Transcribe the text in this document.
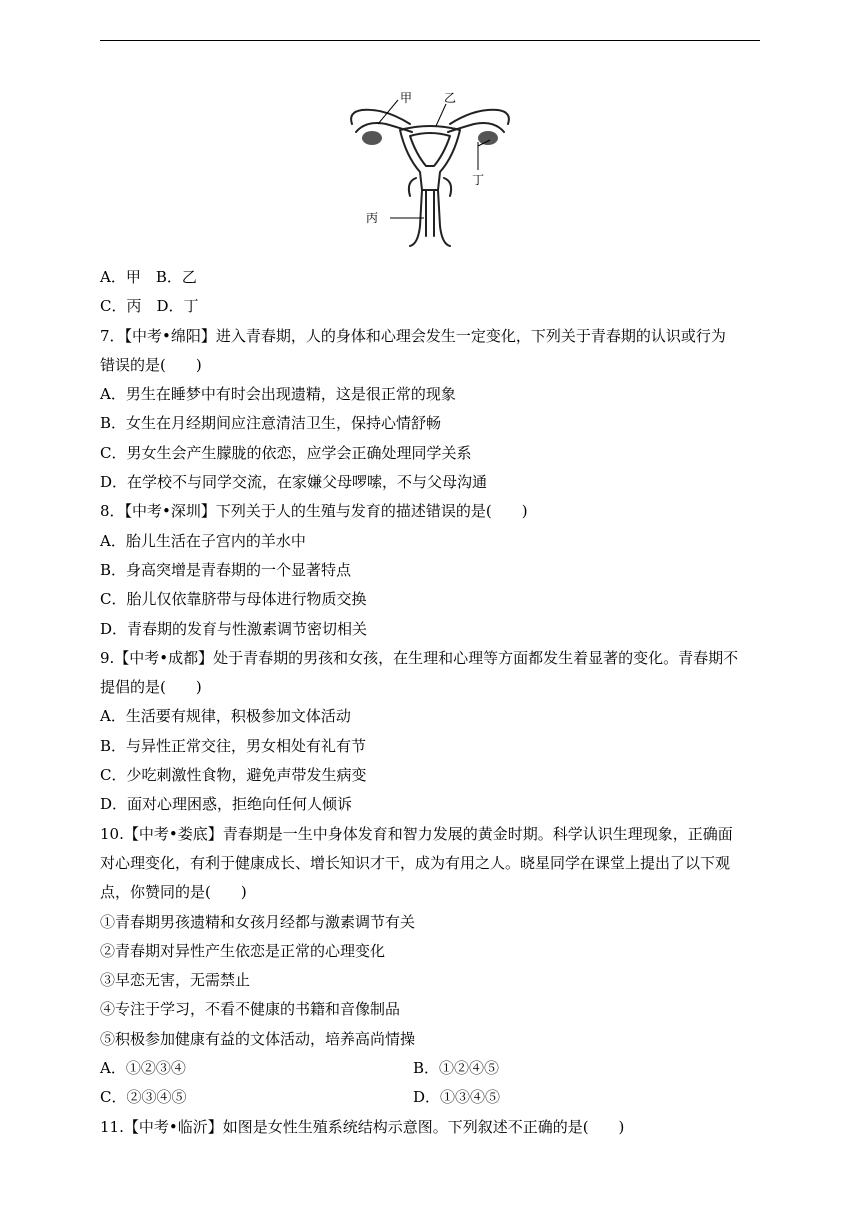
甲	乙
丙
丁
A．甲　B．乙
C．丙　D．丁
7．【中考•绵阳】进入青春期，人的身体和心理会发生一定变化，下列关于青春期的认识或行为
错误的是(　　)
A．男生在睡梦中有时会出现遗精，这是很正常的现象
B．女生在月经期间应注意清洁卫生，保持心情舒畅
C．男女生会产生朦胧的依恋，应学会正确处理同学关系
D．在学校不与同学交流，在家嫌父母啰嗦，不与父母沟通
8．【中考•深圳】下列关于人的生殖与发育的描述错误的是(　　)
A．胎儿生活在子宫内的羊水中
B．身高突增是青春期的一个显著特点
C．胎儿仅依靠脐带与母体进行物质交换
D．青春期的发育与性激素调节密切相关
9.【中考•成都】处于青春期的男孩和女孩，在生理和心理等方面都发生着显著的变化。青春期不
提倡的是(　　)
A．生活要有规律，积极参加文体活动
B．与异性正常交往，男女相处有礼有节
C．少吃刺激性食物，避免声带发生病变
D．面对心理困惑，拒绝向任何人倾诉
10.【中考•娄底】青春期是一生中身体发育和智力发展的黄金时期。科学认识生理现象，正确面
对心理变化，有利于健康成长、增长知识才干，成为有用之人。晓星同学在课堂上提出了以下观
点，你赞同的是(　　)
①青春期男孩遗精和女孩月经都与激素调节有关
②青春期对异性产生依恋是正常的心理变化
③早恋无害，无需禁止
④专注于学习，不看不健康的书籍和音像制品
⑤积极参加健康有益的文体活动，培养高尚情操
A．①②③④	B．①②④⑤
C．②③④⑤	D．①③④⑤
11.【中考•临沂】如图是女性生殖系统结构示意图。下列叙述不正确的是(　　)
